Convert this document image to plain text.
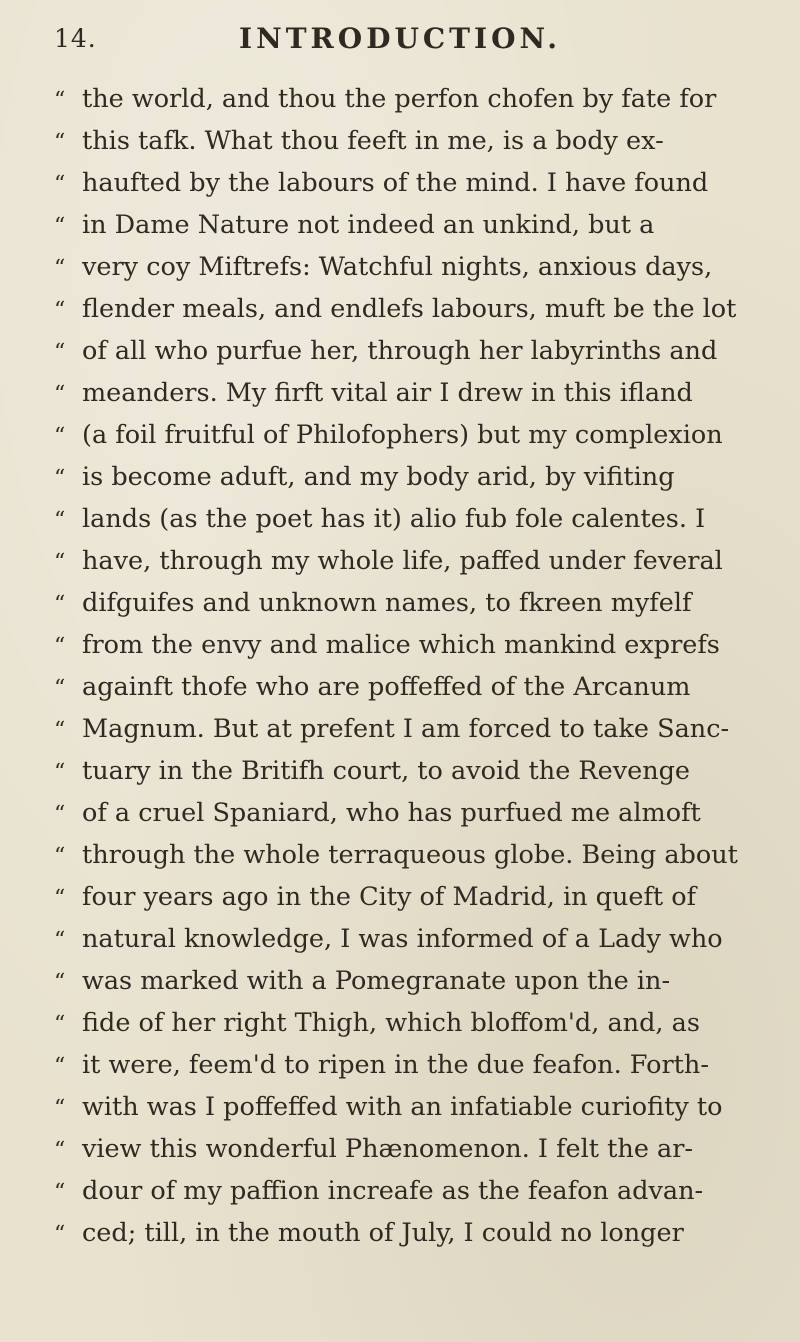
14.	INTRODUCTION.
“ the world, and thou the perfon chofen by fate for
“ this tafk. What thou feeft in me, is a body ex-
“ haufted by the labours of the mind. I have found
“ in Dame Nature not indeed an unkind, but a
“ very coy Miftrefs: Watchful nights, anxious days,
“ flender meals, and endlefs labours, muft be the lot
“ of all who purfue her, through her labyrinths and
“ meanders. My firft vital air I drew in this ifland
“ (a foil fruitful of Philofophers) but my complexion
“ is become aduft, and my body arid, by vifiting
“ lands (as the poet has it) alio fub fole calentes. I
“ have, through my whole life, paffed under feveral
“ difguifes and unknown names, to fkreen myfelf
“ from the envy and malice which mankind exprefs
“ againft thofe who are poffeffed of the Arcanum
“ Magnum. But at prefent I am forced to take Sanc-
“ tuary in the Britifh court, to avoid the Revenge
“ of a cruel Spaniard, who has purfued me almoft
“ through the whole terraqueous globe. Being about
“ four years ago in the City of Madrid, in queft of
“ natural knowledge, I was informed of a Lady who
“ was marked with a Pomegranate upon the in-
“ fide of her right Thigh, which bloffom'd, and, as
“ it were, feem'd to ripen in the due feafon. Forth-
“ with was I poffeffed with an infatiable curiofity to
“ view this wonderful Phænomenon. I felt the ar-
“ dour of my paffion increafe as the feafon advan-
“ ced; till, in the mouth of July, I could no longer
